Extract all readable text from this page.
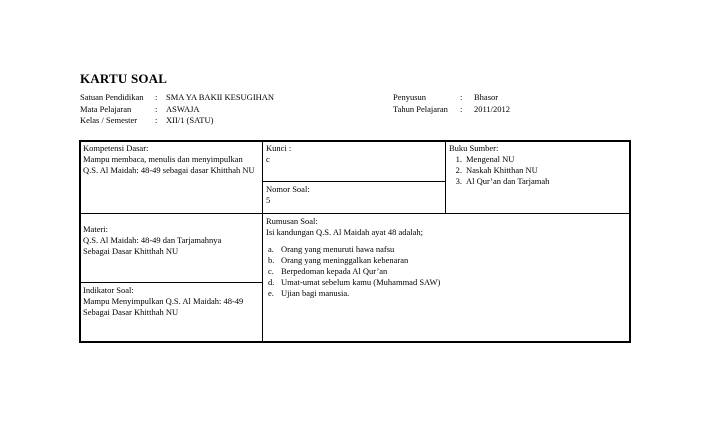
KARTU SOAL
Satuan Pendidikan	:	SMA YA BAKII KESUGIHAN
Mata Pelajaran	:	ASWAJA
Kelas / Semester	:	XII/1 (SATU)
Penyusun	:	Bhasor
Tahun Pelajaran	:	2011/2012
Kompetensi Dasar:
Mampu membaca, menulis dan menyimpulkan
Q.S. Al Maidah: 48-49 sebagai dasar Khitthah NU
Kunci :
c
Nomor Soal:
5
Buku Sumber:
1. Mengenal NU
2. Naskah Khitthan NU
3. Al Qur’an dan Tarjamah
Materi:
Q.S. Al Maidah: 48-49 dan Tarjamahnya
Sebagai Dasar Khitthah NU
Indikator Soal:
Mampu Menyimpulkan Q.S. Al Maidah: 48-49
Sebagai Dasar Khitthah NU
Rumusan Soal:
Isi kandungan Q.S. Al Maidah ayat 48 adalah;
a. Orang yang menuruti hawa nafsu
b. Orang yang meninggalkan kebenaran
c. Berpedoman kepada Al Qur’an
d. Umat-umat sebelum kamu (Muhammad SAW)
e. Ujian bagi manusia.
